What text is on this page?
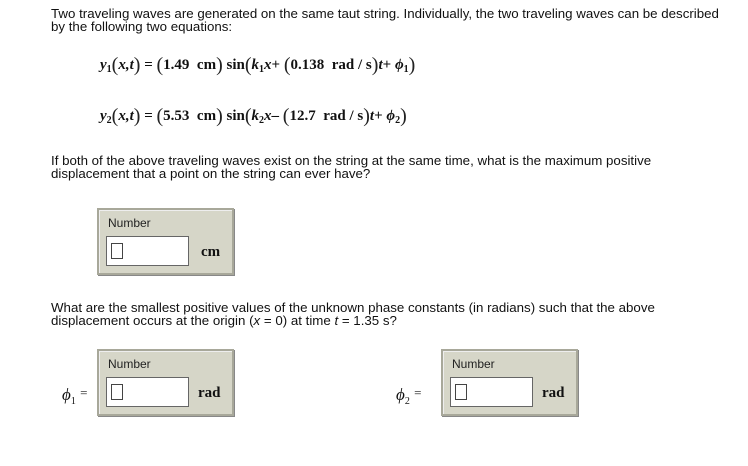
Two traveling waves are generated on the same taut string. Individually, the two traveling waves can be described by the following two equations:

$y_1(x,t) = (1.49$ cm) $\sin(k_1x+ (0.138$ rad / $s)t+ \phi_1$)
$y_2(x,t) = (5.53$ cm) $\sin(k_2x-$ (12.7 rad / $s)t+ \phi_2$)

If both of the above traveling waves exist on the string at the same time, what is the maximum positive displacement that a point on the string can ever have?

Number
cm

What are the smallest positive values of the unknown phase constants (in radians) such that the above
displacement occurs at the origin (x = 0) at time t = 1.35 s?

$\phi_1$ =
Number
rad	$\phi_2$ =
Number
rad
